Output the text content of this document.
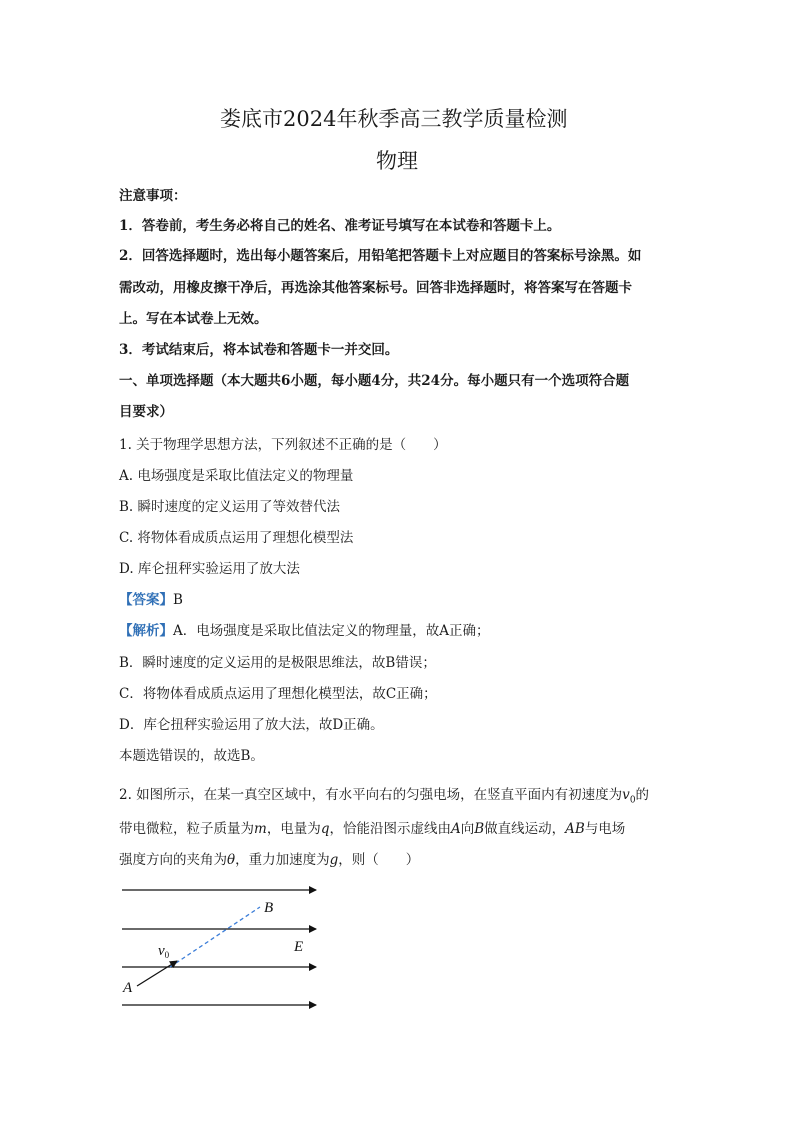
娄底市2024年秋季高三教学质量检测
物理
注意事项：
1．答卷前，考生务必将自己的姓名、准考证号填写在本试卷和答题卡上。
2．回答选择题时，选出每小题答案后，用铅笔把答题卡上对应题目的答案标号涂黑。如
需改动，用橡皮擦干净后，再选涂其他答案标号。回答非选择题时，将答案写在答题卡
上。写在本试卷上无效。
3．考试结束后，将本试卷和答题卡一并交回。
一、单项选择题（本大题共6小题，每小题4分，共24分。每小题只有一个选项符合题
目要求）
1. 关于物理学思想方法，下列叙述不正确的是（　　）
A. 电场强度是采取比值法定义的物理量
B. 瞬时速度的定义运用了等效替代法
C. 将物体看成质点运用了理想化模型法
D. 库仑扭秤实验运用了放大法
【答案】B
【解析】A．电场强度是采取比值法定义的物理量，故A正确；
B．瞬时速度的定义运用的是极限思维法，故B错误；
C．将物体看成质点运用了理想化模型法，故C正确；
D．库仑扭秤实验运用了放大法，故D正确。
本题选错误的，故选B。
2. 如图所示，在某一真空区域中，有水平向右的匀强电场，在竖直平面内有初速度为$v_0$的
带电微粒，粒子质量为m，电量为q，恰能沿图示虚线由A向B做直线运动，AB与电场
强度方向的夹角为θ，重力加速度为g，则（　　）
B
E
$v_0$
A
